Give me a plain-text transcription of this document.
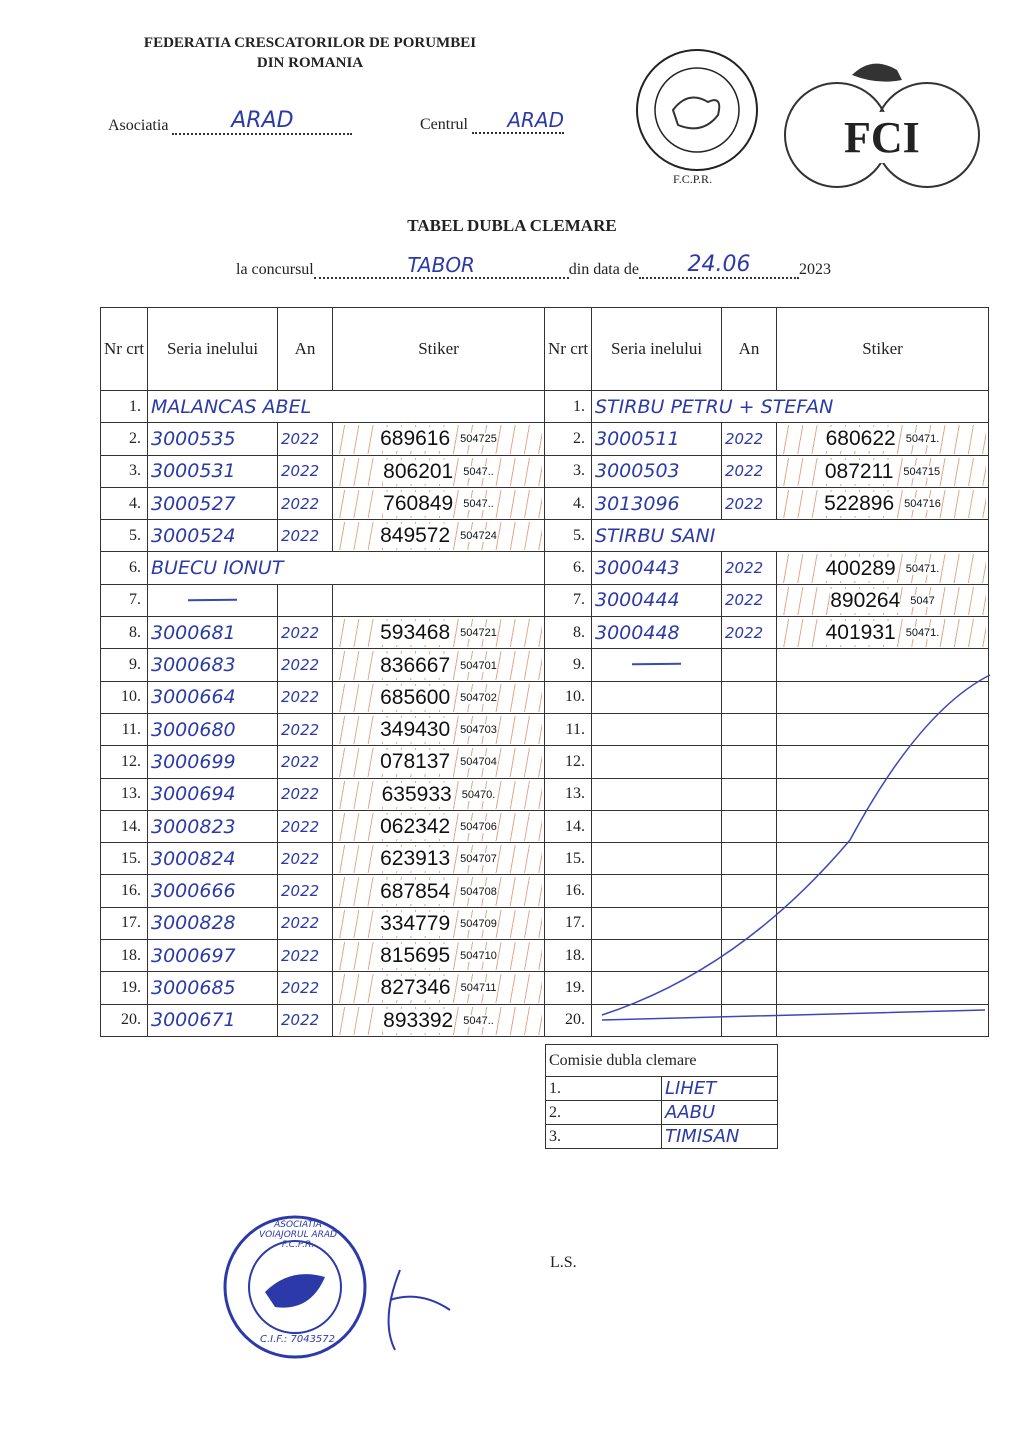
FEDERATIA CRESCATORILOR DE PORUMBEI
DIN ROMANIA
Asociatia	ARAD	Centrul	ARAD
F.C.P.R.
FCI
TABEL DUBLA CLEMARE
la concursul	TABOR	din data de	24.06	2023
Nr crt	Seria inelului	An	Stiker
1.	MALANCAS ABEL		
2.	3000535	2022	689616 504725

3.	3000531	2022	806201 5047..

4.	3000527	2022	760849 5047..

5.	3000524	2022	849572 504724

6.	BUECU IONUT		
7.	

8.	3000681	2022	593468 504721

9.	3000683	2022	836667 504701

10.	3000664	2022	685600 504702

11.	3000680	2022	349430 504703

12.	3000699	2022	078137 504704

13.	3000694	2022	635933 50470.

14.	3000823	2022	062342 504706

15.	3000824	2022	623913 504707

16.	3000666	2022	687854 504708

17.	3000828	2022	334779 504709

18.	3000697	2022	815695 504710

19.	3000685	2022	827346 504711

20.	3000671	2022	893392 5047..
Nr crt	Seria inelului	An	Stiker
1.	STIRBU PETRU + STEFAN		
2.	3000511	2022	680622 50471.

3.	3000503	2022	087211 504715

4.	3013096	2022	522896 504716

5.	STIRBU SANI		
6.	3000443	2022	400289 50471.

7.	3000444	2022	890264 5047

8.	3000448	2022	401931 50471.

9.	

10.			
11.			
12.			
13.			
14.			
15.			
16.			
17.			
18.			
19.			
20.			
Comisie dubla clemare	
1.	LIHET
2.	AABU
3.	TIMISAN
ASOCIATIA VOIAJORUL ARAD F.C.P.R.
C.I.F.: 7043572
L.S.
